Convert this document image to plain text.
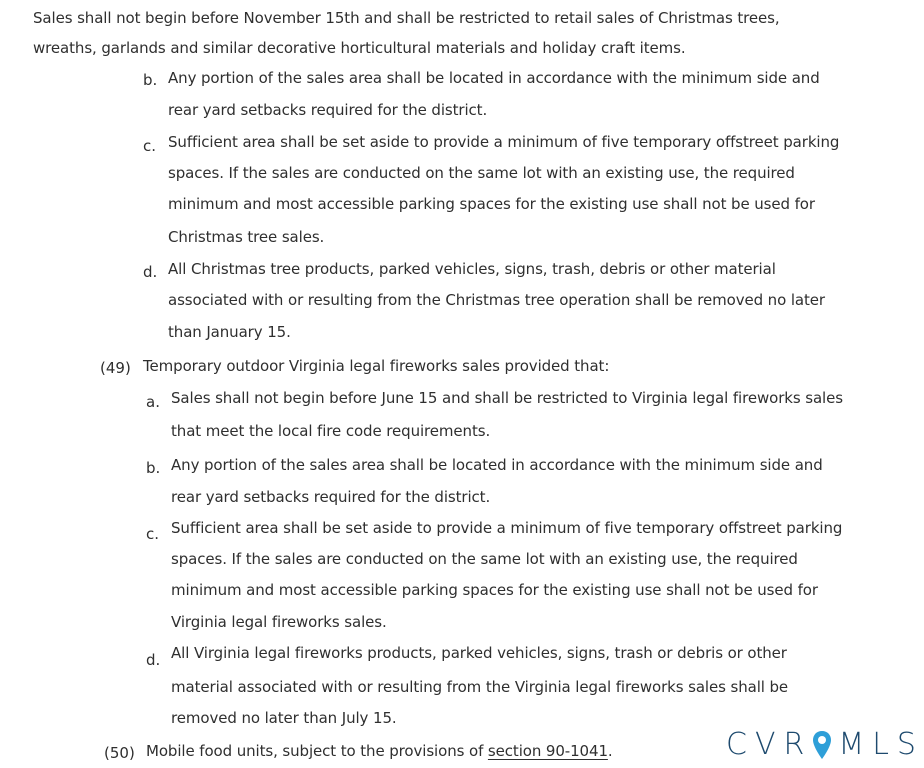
Sales shall not begin before November 15th and shall be restricted to retail sales of Christmas trees,
wreaths, garlands and similar decorative horticultural materials and holiday craft items.
b. Any portion of the sales area shall be located in accordance with the minimum side and
rear yard setbacks required for the district.
c. Sufficient area shall be set aside to provide a minimum of five temporary offstreet parking
spaces. If the sales are conducted on the same lot with an existing use, the required
minimum and most accessible parking spaces for the existing use shall not be used for
Christmas tree sales.
d. All Christmas tree products, parked vehicles, signs, trash, debris or other material
associated with or resulting from the Christmas tree operation shall be removed no later
than January 15.
(49) Temporary outdoor Virginia legal fireworks sales provided that:
a. Sales shall not begin before June 15 and shall be restricted to Virginia legal fireworks sales
that meet the local fire code requirements.
b. Any portion of the sales area shall be located in accordance with the minimum side and
rear yard setbacks required for the district.
c. Sufficient area shall be set aside to provide a minimum of five temporary offstreet parking
spaces. If the sales are conducted on the same lot with an existing use, the required
minimum and most accessible parking spaces for the existing use shall not be used for
Virginia legal fireworks sales.
d. All Virginia legal fireworks products, parked vehicles, signs, trash or debris or other
material associated with or resulting from the Virginia legal fireworks sales shall be
removed no later than July 15.
(50) Mobile food units, subject to the provisions of section 90-1041.	CVR MLS
